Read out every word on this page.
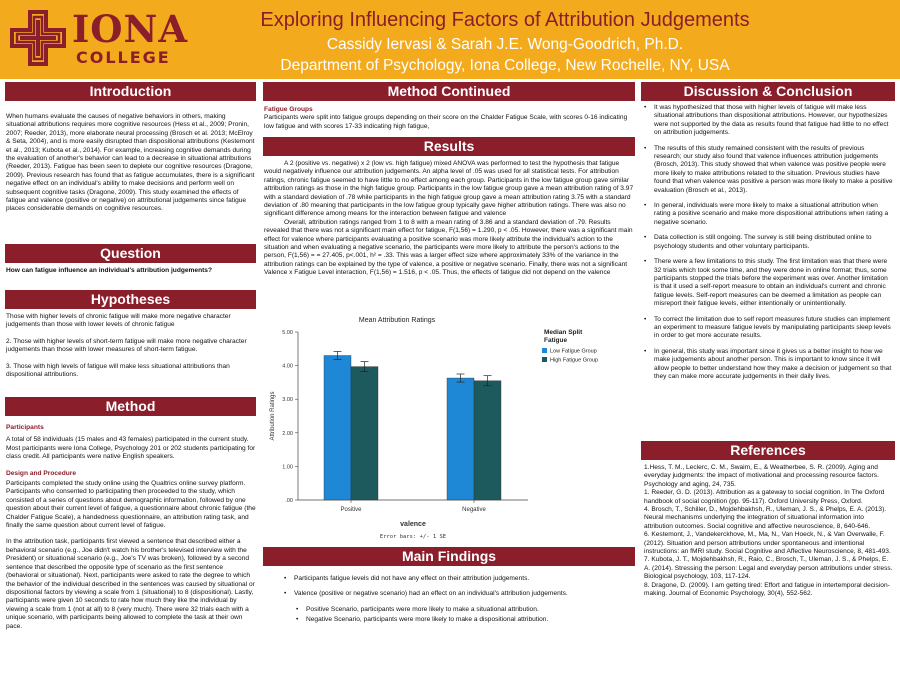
IONA
COLLEGE
Exploring Influencing Factors of Attribution Judgements
Cassidy Iervasi & Sarah J.E. Wong-Goodrich, Ph.D.
Department of Psychology, Iona College, New Rochelle, NY, USA
Introduction
When humans evaluate the causes of negative behaviors in others, making situational attributions requires more cognitive resources (Hess et al., 2009; Pronin, 2007; Reeder, 2013), more elaborate neural processing (Brosch et al. 2013; McElroy & Seta, 2004), and is more easily disrupted than dispositional attributions (Kestemont et al., 2013; Kubota et al., 2014). For example, increasing cognitive demands during the evaluation of another's behavior can lead to a decrease in situational attributions (Reeder, 2013). Fatigue has been seen to deplete our cognitive resources (Dragone, 2009). Previous research has found that as fatigue accumulates, there is a significant negative effect on an individual's ability to make decisions and perform well on subsequent cognitive tasks (Dragone, 2009). This study examined the effects of fatigue and valence (positive or negative) on attributional judgements since fatigue places considerable demands on cognitive resources.
Question
How can fatigue influence an individual's attribution judgements?
Hypotheses

Those with higher levels of chronic fatigue will make more negative character judgements than those with lower levels of chronic fatigue

2. Those with higher levels of short-term fatigue will make more negative character judgements than those with lower measures of short-term fatigue.

3. Those with high levels of fatigue will make less situational attributions than dispositional attributions.

Method
Participants

A total of 58 individuals (15 males and 43 females) participated in the current study. Most participants were Iona College, Psychology 201 or 202 students participating for class credit. All participants were native English speakers.

Design and Procedure

Participants completed the study online using the Qualtrics online survey platform. Participants who consented to participating then proceeded to the study, which consisted of a series of questions about demographic information, followed by one question about their current level of fatigue, a questionnaire about chronic fatigue (the Chalder Fatigue Scale), a handedness questionnaire, an attribution rating task, and finally the same question about current level of fatigue.

In the attribution task, participants first viewed a sentence that described either a behavioral scenario (e.g., Joe didn't watch his brother's televised interview with the President) or situational scenario (e.g., Joe's TV was broken), followed by a second sentence that described the opposite type of scenario as the first sentence (behavioral or situational). Next, participants were asked to rate the degree to which the behavior of the individual described in the sentences was caused by situational or dispositional factors by viewing a scale from 1 (situational) to 8 (dispositional). Lastly, participants were given 10 seconds to rate how much they like the individual by viewing a scale from 1 (not at all) to 8 (very much). There were 32 trials each with a unique scenario, with participants being allowed to complete the task at their own pace.

Method Continued
Fatigue Groups

Participants were split into fatigue groups depending on their score on the Chalder Fatigue Scale, with scores 0-16 indicating low fatigue and with scores 17-33 indicating high fatigue,

Results

A 2 (positive vs. negative) x 2 (low vs. high fatigue) mixed ANOVA was performed to test the hypothesis that fatigue would negatively influence our attribution judgements. An alpha level of .05 was used for all statistical tests. For attribution ratings, chronic fatigue seemed to have little to no effect among each group. Participants in the low fatigue group gave similar attribution ratings as those in the high fatigue group. Participants in the low fatigue group gave a mean attribution rating of 3.97 with a standard deviation of .78 while participants in the high fatigue group gave a mean attribution rating 3.75 with a standard deviation of .80 meaning that participants in the low fatigue group typically gave higher attribution ratings. There was also no significant difference among means for the interaction between fatigue and valence

Overall, attribution ratings ranged from 1 to 8 with a mean rating of 3.86 and a standard deviation of .79. Results revealed that there was not a significant main effect for fatigue, F(1,56) = 1.290, p < .05. However, there was a significant main effect for valence where participants evaluating a positive scenario was more likely attribute the individual's action to the situation and when evaluating a negative scenario, the participants were more likely to attribute the person's actions to the person, F(1,56) = = 27.405, p<.001, h² = .33. This was a larger effect size where approximately 33% of the variance in the attribution ratings can be explained by the type of valence, a positive or negative scenario. Finally, there was not a significant Valence x Fatigue Level interaction, F(1,56) = 1.516, p < .05. Thus, the effects of fatigue did not depend on the valence

Mean Attribution Ratings
.00
1.00
2.00
3.00
4.00
5.00
Attribution Ratings
Positive	Negative
valence
Error bars: +/- 1 SE
Median Split
Fatigue
Low Fatigue Group
High Fatigue Group
Main Findings
• Participants fatigue levels did not have any effect on their attribution judgements.
• Valence (positive or negative scenario) had an effect on an individual's attribution judgements.
• Positive Scenario, participants were more likely to make a situational attribution.
• Negative Scenario, participants were more likely to make a dispositional attribution.
Discussion & Conclusion
• It was hypothesized that those with higher levels of fatigue will make less situational attributions than dispositional attributions. However, our hypothesizes were not supported by the data as results found that fatigue had little to no effect on attribution judgements.
• The results of this study remained consistent with the results of previous research; our study also found that valence influences attribution judgements (Brosch, 2013). This study showed that when valence was positive people were more likely to make attributions related to the situation. Previous studies have found that when valence was positive a person was more likely to make a positive evaluation (Brosch et al., 2013).
• In general, individuals were more likely to make a situational attribution when rating a positive scenario and make more dispositional attributions when rating a negative scenario.
• Data collection is still ongoing. The survey is still being distributed online to psychology students and other voluntary participants.
• There were a few limitations to this study. The first limitation was that there were 32 trials which took some time, and they were done in online format; thus, some participants stopped the trials before the experiment was over. Another limitation is that it used a self-report measure to obtain an individual's current and chronic fatigue levels. Self-report measures can be deemed a limitation as people can misreport their fatigue levels, either intentionally or unintentionally.
• To correct the limitation due to self report measures future studies can implement an experiment to measure fatigue levels by manipulating participants sleep levels in order to get more accurate results.
• In general, this study was important since it gives us a better insight to how we make judgements about another person. This is important to know since it will allow people to better understand how they make a decision or judgement so that they can make more accurate judgements in their daily lives.
References

1.Hess, T. M., Leclerc, C. M., Swaim, E., & Weatherbee, S. R. (2009). Aging and everyday judgments: the impact of motivational and processing resource factors. Psychology and aging, 24, 735.

1. Reeder, G. D. (2013). Attribution as a gateway to social cognition. In The Oxford handbook of social cognition (pp. 95-117). Oxford University Press, Oxford.

4. Brosch, T., Schiller, D., Mojdehbakhsh, R., Uleman, J. S., & Phelps, E. A. (2013). Neural mechanisms underlying the integration of situational information into attribution outcomes. Social cognitive and affective neuroscience, 8, 640-646.

6. Kestemont, J., Vandekerckhove, M., Ma, N., Van Hoeck, N., & Van Overwalle, F. (2012). Situation and person attributions under spontaneous and intentional instructions: an fMRI study. Social Cognitive and Affective Neuroscience, 8, 481-493.

7. Kubota, J. T., Mojdehbakhsh, R., Raio, C., Brosch, T., Uleman, J. S., & Phelps, E. A. (2014). Stressing the person: Legal and everyday person attributions under stress. Biological psychology, 103, 117-124.

8. Dragone, D. (2009). I am getting tired: Effort and fatigue in intertemporal decision-making. Journal of Economic Psychology, 30(4), 552-562.
